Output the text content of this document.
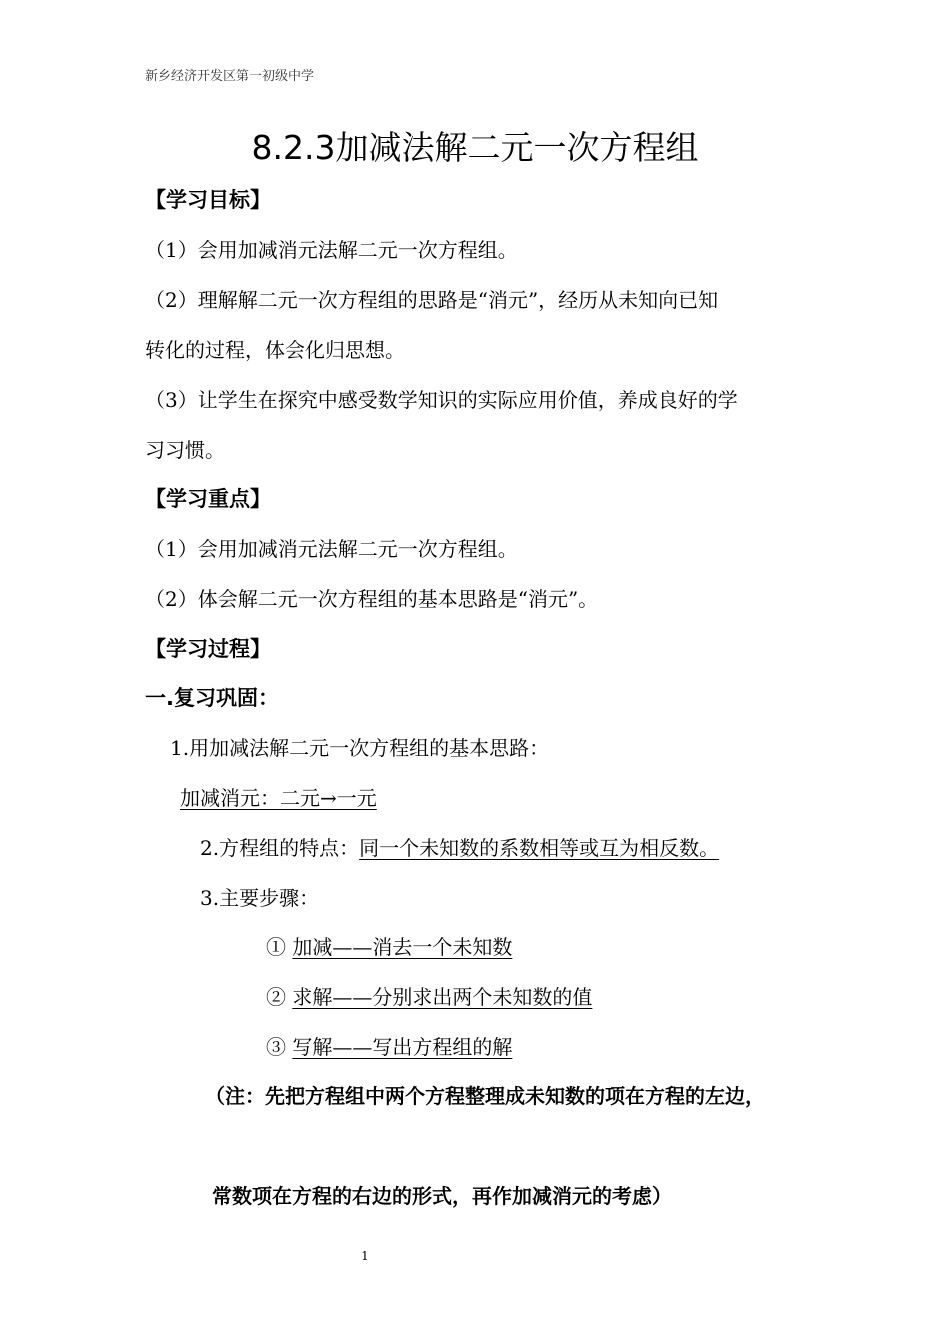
新乡经济开发区第一初级中学
8.2.3加减法解二元一次方程组
【学习目标】
（1）会用加减消元法解二元一次方程组。
（2）理解解二元一次方程组的思路是“消元”，经历从未知向已知
转化的过程，体会化归思想。
（3）让学生在探究中感受数学知识的实际应用价值，养成良好的学
习习惯。
【学习重点】
（1）会用加减消元法解二元一次方程组。
（2）体会解二元一次方程组的基本思路是“消元”。
【学习过程】
一.复习巩固：
1.用加减法解二元一次方程组的基本思路：
加减消元：二元→一元
2.方程组的特点：同一个未知数的系数相等或互为相反数。
3.主要步骤：
① 加减——消去一个未知数
② 求解——分别求出两个未知数的值
③ 写解——写出方程组的解
（注：先把方程组中两个方程整理成未知数的项在方程的左边，
常数项在方程的右边的形式，再作加减消元的考虑）
1
